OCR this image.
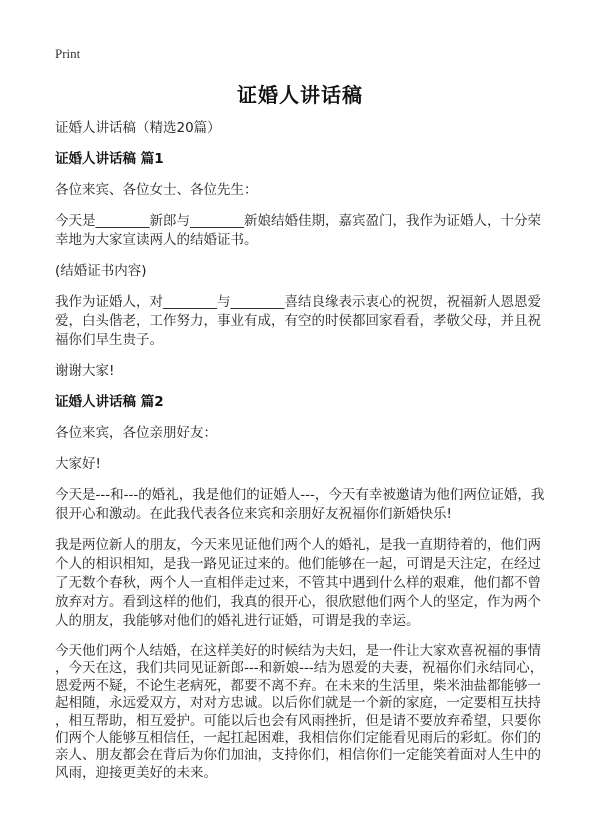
Print
证婚人讲话稿

证婚人讲话稿（精选20篇）

证婚人讲话稿 篇1

各位来宾、各位女士、各位先生：

今天是________新郎与________新娘结婚佳期，嘉宾盈门，我作为证婚人，十分荣
幸地为大家宣读两人的结婚证书。

(结婚证书内容)

我作为证婚人，对________与________喜结良缘表示衷心的祝贺，祝福新人恩恩爱
爱，白头偕老，工作努力，事业有成，有空的时侯都回家看看，孝敬父母，并且祝
福你们早生贵子。

谢谢大家!

证婚人讲话稿 篇2

各位来宾，各位亲朋好友：

大家好!

今天是---和---的婚礼，我是他们的证婚人---，今天有幸被邀请为他们两位证婚，我
很开心和激动。在此我代表各位来宾和亲朋好友祝福你们新婚快乐!

我是两位新人的朋友，今天来见证他们两个人的婚礼，是我一直期待着的，他们两
个人的相识相知，是我一路见证过来的。他们能够在一起，可谓是天注定，在经过
了无数个春秋，两个人一直相伴走过来，不管其中遇到什么样的艰难，他们都不曾
放弃对方。看到这样的他们，我真的很开心，很欣慰他们两个人的坚定，作为两个
人的朋友，我能够对他们的婚礼进行证婚，可谓是我的幸运。

今天他们两个人结婚，在这样美好的时候结为夫妇，是一件让大家欢喜祝福的事情
，今天在这，我们共同见证新郎---和新娘---结为恩爱的夫妻，祝福你们永结同心，
恩爱两不疑，不论生老病死，都要不离不弃。在未来的生活里，柴米油盐都能够一
起相随，永远爱双方，对对方忠诚。以后你们就是一个新的家庭，一定要相互扶持
，相互帮助，相互爱护。可能以后也会有风雨挫折，但是请不要放弃希望，只要你
们两个人能够互相信任，一起扛起困难，我相信你们定能看见雨后的彩虹。你们的
亲人、朋友都会在背后为你们加油，支持你们，相信你们一定能笑着面对人生中的
风雨，迎接更美好的未来。
